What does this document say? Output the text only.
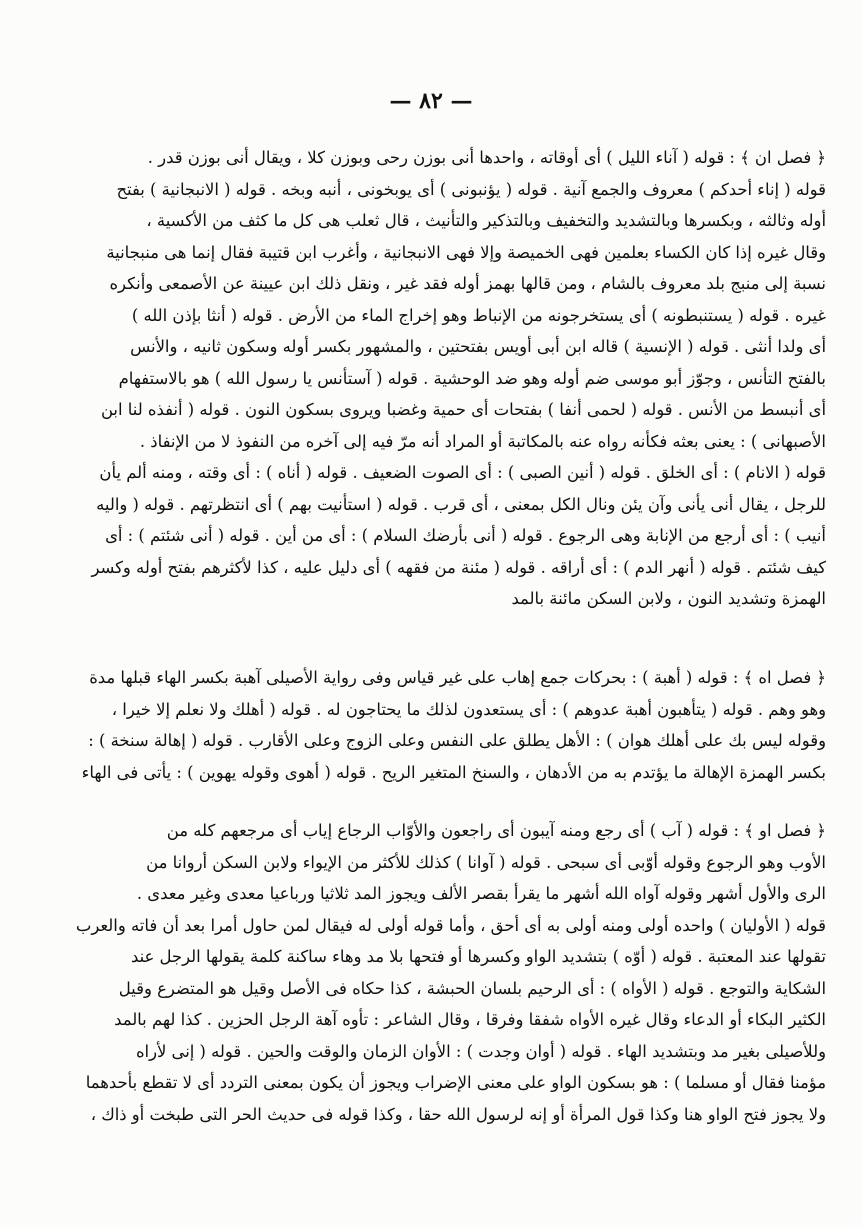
— ٨٢ —
﴿ فصل ان ﴾ : قوله ( آناء الليل ) أى أوقاته ، واحدها أنى بوزن رحى وبوزن كلا ، ويقال أنى بوزن قدر .
قوله ( إناء أحدكم ) معروف والجمع آنية . قوله ( يؤنبونى ) أى يوبخونى ، أنبه وبخه . قوله ( الانبجانية ) بفتح
أوله وثالثه ، وبكسرها وبالتشديد والتخفيف وبالتذكير والتأنيث ، قال ثعلب هى كل ما كثف من الأكسية ،
وقال غيره إذا كان الكساء بعلمين فهى الخميصة وإلا فهى الانبجانية ، وأغرب ابن قتيبة فقال إنما هى منبجانية
نسبة إلى منبج بلد معروف بالشام ، ومن قالها بهمز أوله فقد غير ، ونقل ذلك ابن عيينة عن الأصمعى وأنكره
غيره . قوله ( يستنبطونه ) أى يستخرجونه من الإنباط وهو إخراج الماء من الأرض . قوله ( أنثا بإذن الله )
أى ولدا أنثى . قوله ( الإنسية ) قاله ابن أبى أويس بفتحتين ، والمشهور بكسر أوله وسكون ثانيه ، والأنس
بالفتح التأنس ، وجوّز أبو موسى ضم أوله وهو ضد الوحشية . قوله ( آستأنس يا رسول الله ) هو بالاستفهام
أى أنبسط من الأنس . قوله ( لحمى أنفا ) بفتحات أى حمية وغضبا ويروى بسكون النون . قوله ( أنفذه لنا ابن
الأصبهانى ) : يعنى بعثه فكأنه رواه عنه بالمكاتبة أو المراد أنه مرّ فيه إلى آخره من النفوذ لا من الإنفاذ .
قوله ( الانام ) : أى الخلق . قوله ( أنين الصبى ) : أى الصوت الضعيف . قوله ( أناه ) : أى وقته ، ومنه ألم يأن
للرجل ، يقال أنى يأنى وآن يئن ونال الكل بمعنى ، أى قرب . قوله ( استأنيت بهم ) أى انتظرتهم . قوله ( واليه
أنيب ) : أى أرجع من الإنابة وهى الرجوع . قوله ( أنى بأرضك السلام ) : أى من أين . قوله ( أنى شئتم ) : أى
كيف شئتم . قوله ( أنهر الدم ) : أى أراقه . قوله ( مئنة من فقهه ) أى دليل عليه ، كذا لأكثرهم بفتح أوله وكسر
الهمزة وتشديد النون ، ولابن السكن مائنة بالمد
﴿ فصل اه ﴾ : قوله ( أهبة ) : بحركات جمع إهاب على غير قياس وفى رواية الأصيلى آهبة بكسر الهاء قبلها مدة
وهو وهم . قوله ( يتأهبون أهبة عدوهم ) : أى يستعدون لذلك ما يحتاجون له . قوله ( أهلك ولا نعلم إلا خيرا ،
وقوله ليس بك على أهلك هوان ) : الأهل يطلق على النفس وعلى الزوج وعلى الأقارب . قوله ( إهالة سنخة ) :
بكسر الهمزة الإهالة ما يؤتدم به من الأدهان ، والسنخ المتغير الريح . قوله ( أهوى وقوله يهوين ) : يأتى فى الهاء
﴿ فصل او ﴾ : قوله ( آب ) أى رجع ومنه آيبون أى راجعون والأوّاب الرجاع إياب أى مرجعهم كله من
الأوب وهو الرجوع وقوله أوّبى أى سبحى . قوله ( آوانا ) كذلك للأكثر من الإيواء ولابن السكن أروانا من
الرى والأول أشهر وقوله آواه الله أشهر ما يقرأ بقصر الألف ويجوز المد ثلاثيا ورباعيا معدى وغير معدى .
قوله ( الأوليان ) واحده أولى ومنه أولى به أى أحق ، وأما قوله أولى له فيقال لمن حاول أمرا بعد أن فاته والعرب
تقولها عند المعتبة . قوله ( أوّه ) بتشديد الواو وكسرها أو فتحها بلا مد وهاء ساكنة كلمة يقولها الرجل عند
الشكاية والتوجع . قوله ( الأواه ) : أى الرحيم بلسان الحبشة ، كذا حكاه فى الأصل وقيل هو المتضرع وقيل
الكثير البكاء أو الدعاء وقال غيره الأواه شفقا وفرقا ، وقال الشاعر : تأوه آهة الرجل الحزين . كذا لهم بالمد
وللأصيلى بغير مد وبتشديد الهاء . قوله ( أوان وجدت ) : الأوان الزمان والوقت والحين . قوله ( إنى لأراه
مؤمنا فقال أو مسلما ) : هو بسكون الواو على معنى الإضراب ويجوز أن يكون بمعنى التردد أى لا تقطع بأحدهما
ولا يجوز فتح الواو هنا وكذا قول المرأة أو إنه لرسول الله حقا ، وكذا قوله فى حديث الحر التى طبخت أو ذاك ،
